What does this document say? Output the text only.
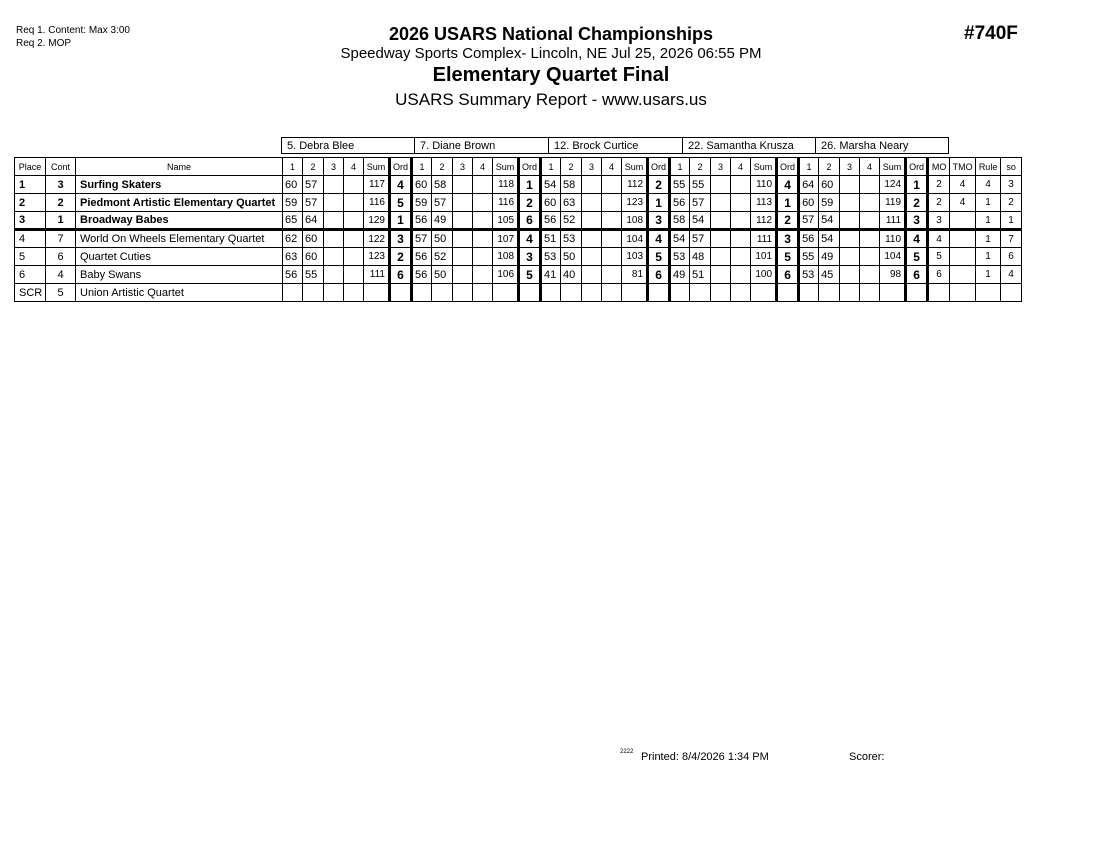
Req 1. Content: Max 3:00
Req 2. MOP	2026 USARS National Championships
Speedway Sports Complex- Lincoln, NE Jul 25, 2026 06:55 PM
Elementary Quartet Final
USARS Summary Report - www.usars.us
#740F
5. Debra Blee	7. Diane Brown	12. Brock Curtice	22. Samantha Krusza	26. Marsha Neary
Place	Cont	Name	1	2	3	4	Sum	Ord	1	2	3	4	Sum	Ord	1	2	3	4	Sum	Ord	1	2	3	4	Sum	Ord	1	2	3	4	Sum	Ord	MO	TMO	Rule	so
1	3	Surfing Skaters	60	57			117	4	60	58			118	1	54	58			112	2	55	55			110	4	64	60			124	1	2	4	4	3
2	2	Piedmont Artistic Elementary Quartet	59	57			116	5	59	57			116	2	60	63			123	1	56	57			113	1	60	59			119	2	2	4	1	2
3	1	Broadway Babes	65	64			129	1	56	49			105	6	56	52			108	3	58	54			112	2	57	54			111	3	3		1	1
4	7	World On Wheels Elementary Quartet	62	60			122	3	57	50			107	4	51	53			104	4	54	57			111	3	56	54			110	4	4		1	7
5	6	Quartet Cuties	63	60			123	2	56	52			108	3	53	50			103	5	53	48			101	5	55	49			104	5	5		1	6
6	4	Baby Swans	56	55			111	6	56	50			106	5	41	40			81	6	49	51			100	6	53	45			98	6	6		1	4
SCR	5	Union Artistic Quartet																																		
2222 Printed: 8/4/2026 1:34 PM	Scorer:
